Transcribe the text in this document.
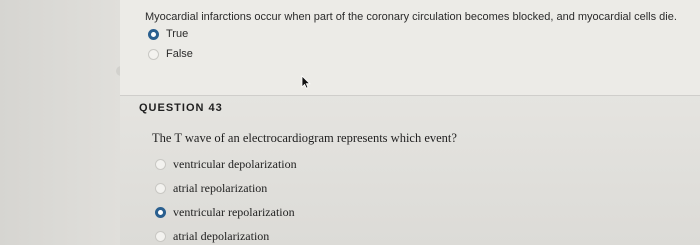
Myocardial infarctions occur when part of the coronary circulation becomes blocked, and myocardial cells die.
True
False
QUESTION 43
The T wave of an electrocardiogram represents which event?
ventricular depolarization
atrial repolarization
ventricular repolarization
atrial depolarization
